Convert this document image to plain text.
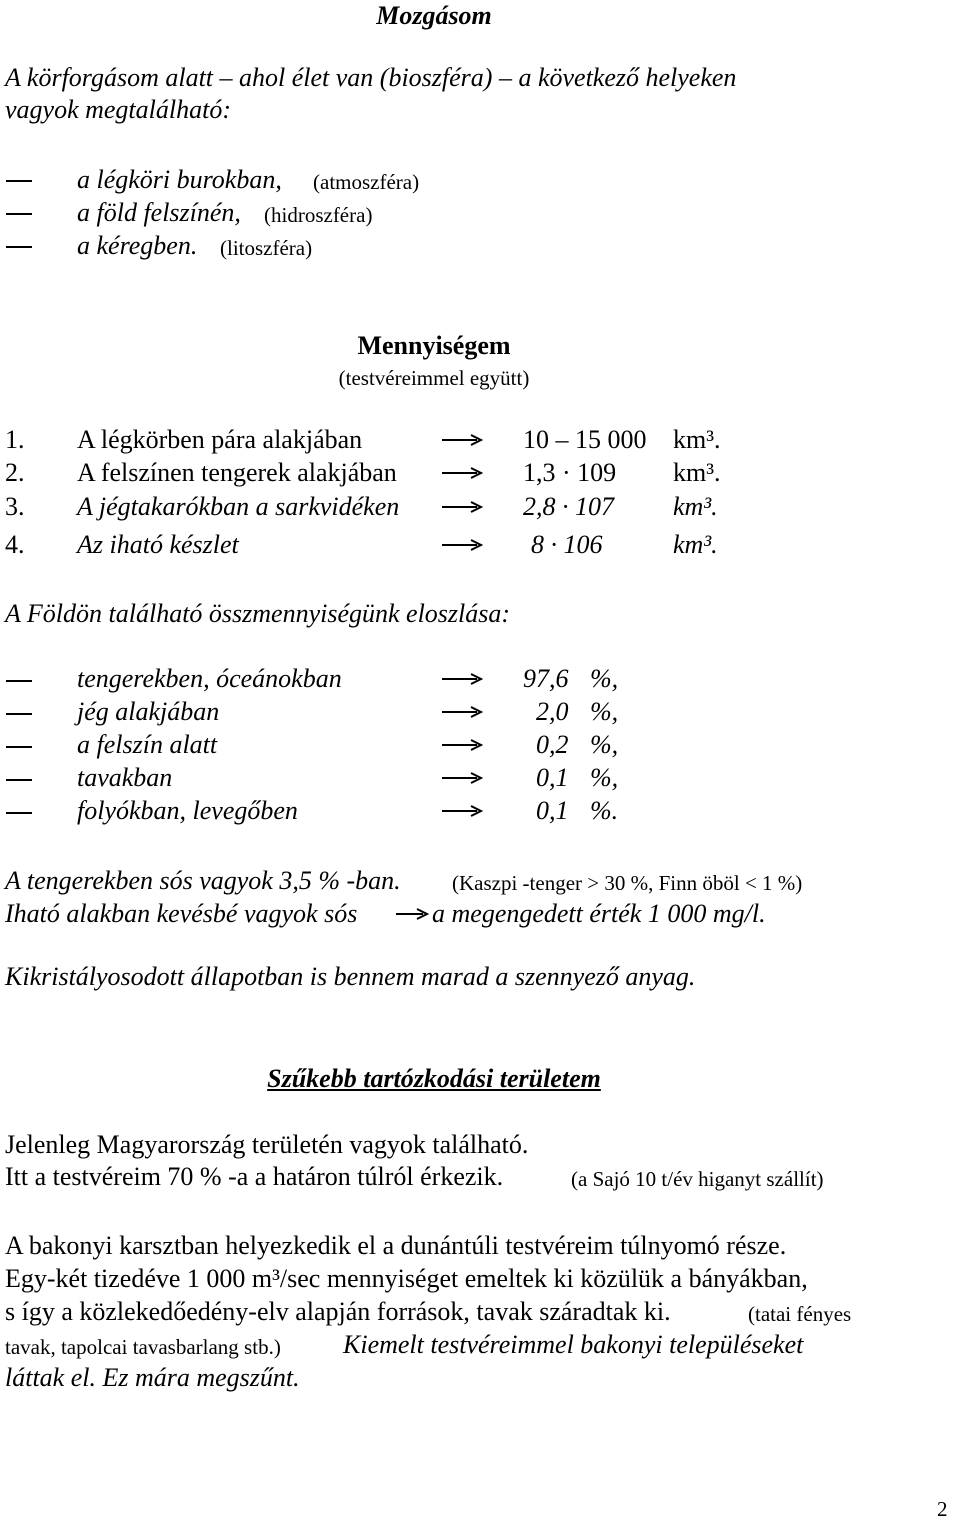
Mozgásom
A körforgásom alatt – ahol élet van (bioszféra) – a következő helyeken
vagyok megtalálható:
a légköri burokban, (atmoszféra)
a föld felszínén, (hidroszféra)
a kéregben. (litoszféra)
Mennyiségem
(testvéreimmel együtt)
1. A légkörben pára alakjában	10 – 15 000 km³.
2. A felszínen tengerek alakjában	1,3 · 109 km³.
3. A jégtakarókban a sarkvidéken	2,8 · 107 km³.
4. Az iható készlet	8 · 106	km³.
A Földön található összmennyiségünk eloszlása:
tengerekben, óceánokban	97,6 %,
jég alakjában	2,0 %,
a felszín alatt	0,2 %,
tavakban	0,1 %,
folyókban, levegőben	0,1 %.
A tengerekben sós vagyok 3,5 % -ban. (Kaszpi -tenger > 30 %, Finn öböl < 1 %)
Iható alakban kevésbé vagyok sós	a megengedett érték 1 000 mg/l.
Kikristályosodott állapotban is bennem marad a szennyező anyag.
Szűkebb tartózkodási területem
Jelenleg Magyarország területén vagyok található.
Itt a testvéreim 70 % -a a határon túlról érkezik.	(a Sajó 10 t/év higanyt szállít)
A bakonyi karsztban helyezkedik el a dunántúli testvéreim túlnyomó része.
Egy-két tizedéve 1 000 m³/sec mennyiséget emeltek ki közülük a bányákban,
s így a közlekedőedény-elv alapján források, tavak száradtak ki.	(tatai fényes
tavak, tapolcai tavasbarlang stb.) Kiemelt testvéreimmel bakonyi településeket
láttak el. Ez mára megszűnt.
2
